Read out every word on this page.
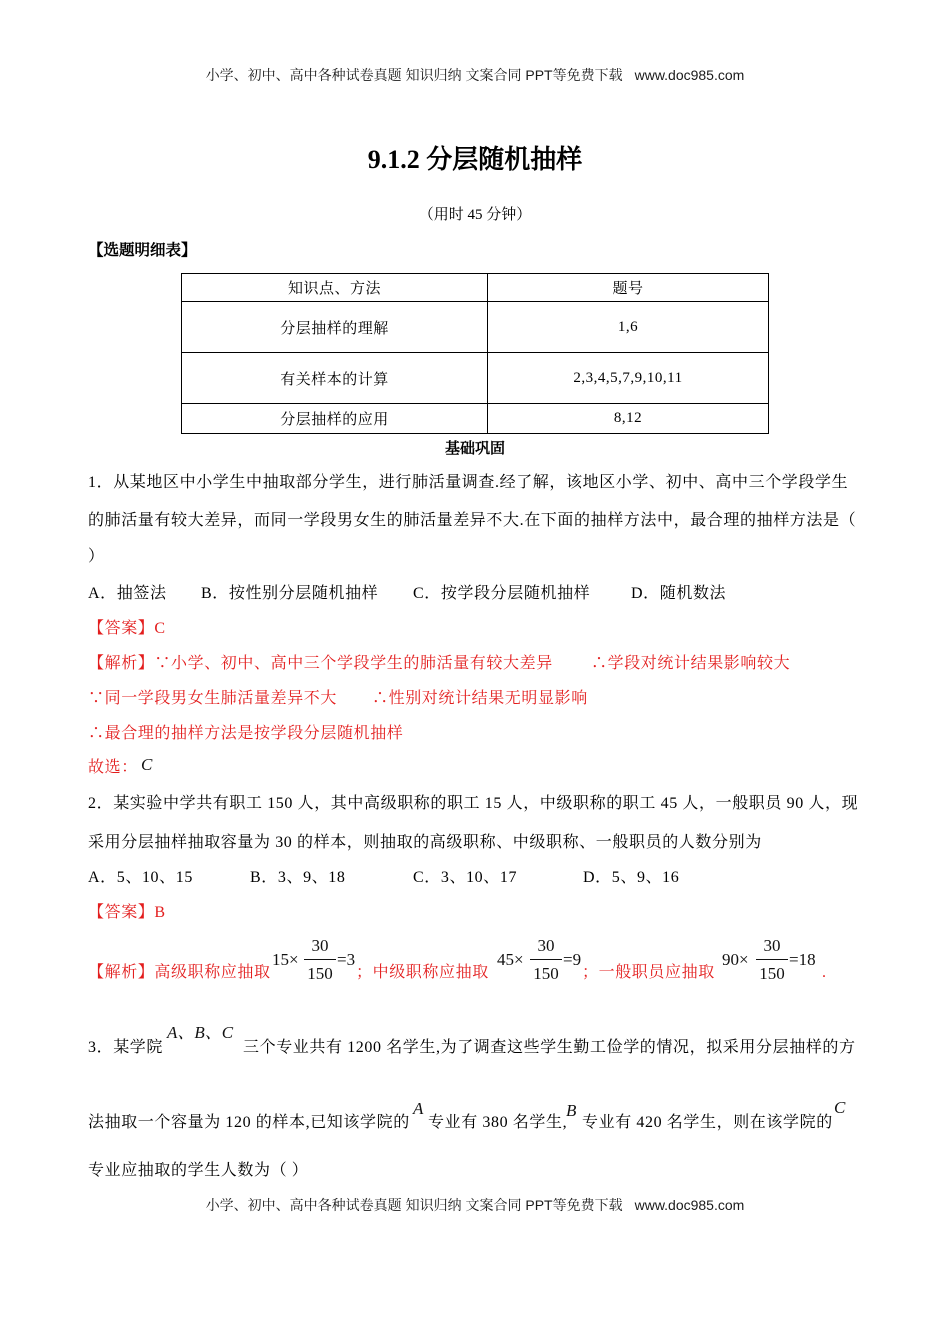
小学、初中、高中各种试卷真题 知识归纳 文案合同 PPT等免费下载 www.doc985.com
9.1.2 分层随机抽样
（用时 45 分钟）
【选题明细表】
知识点、方法	题号
分层抽样的理解	1,6
有关样本的计算	2,3,4,5,7,9,10,11
分层抽样的应用	8,12
基础巩固
1．从某地区中小学生中抽取部分学生，进行肺活量调查.经了解，该地区小学、初中、高中三个学段学生
的肺活量有较大差异，而同一学段男女生的肺活量差异不大.在下面的抽样方法中，最合理的抽样方法是（
）
A．抽签法 B．按性别分层随机抽样 C．按学段分层随机抽样	D．随机数法
【答案】C
【解析】∵小学、初中、高中三个学段学生的肺活量有较大差异 ∴学段对统计结果影响较大
∵同一学段男女生肺活量差异不大 ∴性别对统计结果无明显影响
∴最合理的抽样方法是按学段分层随机抽样
故选： C
2．某实验中学共有职工 150 人，其中高级职称的职工 15 人，中级职称的职工 45 人，一般职员 90 人，现
采用分层抽样抽取容量为 30 的样本，则抽取的高级职称、中级职称、一般职员的人数分别为
A．5、10、15	B．3、9、18	C．3、10、17	D．5、9、16
【答案】B
【解析】高级职称应抽取
15×
30
150
=3
；中级职称应抽取
45×
30
150
=9
；一般职员应抽取
90×
30
150
=18
.
3．某学院
A、B、C
三个专业共有 1200 名学生,为了调查这些学生勤工俭学的情况，拟采用分层抽样的方
法抽取一个容量为 120 的样本,已知该学院的
A
专业有 380 名学生,
B
专业有 420 名学生，则在该学院的
C
专业应抽取的学生人数为（ ）
小学、初中、高中各种试卷真题 知识归纳 文案合同 PPT等免费下载 www.doc985.com
